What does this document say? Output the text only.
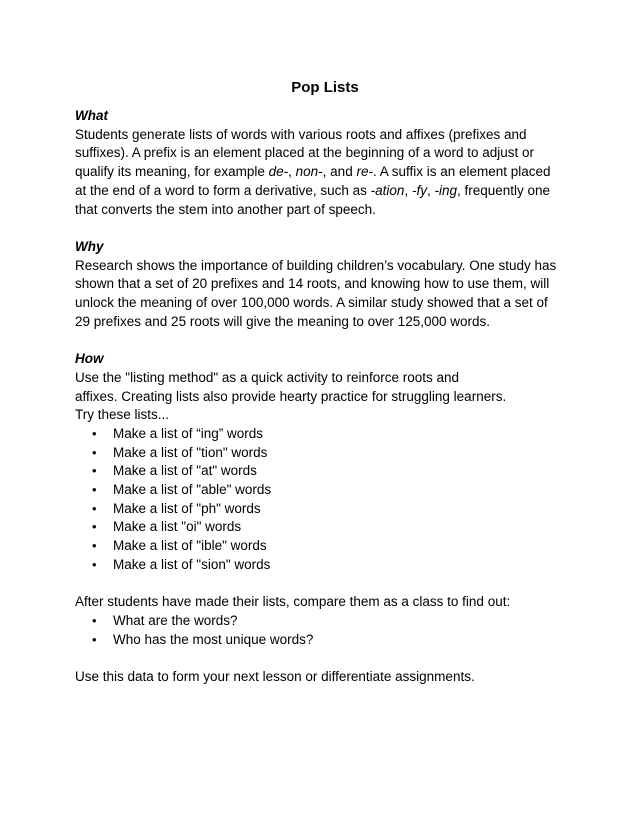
Pop Lists
What

Students generate lists of words with various roots and affixes (prefixes and suffixes). A prefix is an element placed at the beginning of a word to adjust or qualify its meaning, for example de-, non-, and re-. A suffix is an element placed at the end of a word to form a derivative, such as -ation, -fy, -ing, frequently one that converts the stem into another part of speech.

Why

Research shows the importance of building children’s vocabulary. One study has shown that a set of 20 prefixes and 14 roots, and knowing how to use them, will unlock the meaning of over 100,000 words. A similar study showed that a set of 29 prefixes and 25 roots will give the meaning to over 125,000 words.

How
Use the "listing method" as a quick activity to reinforce roots and
affixes. Creating lists also provide hearty practice for struggling learners.
Try these lists...
• Make a list of “ing” words
• Make a list of "tion" words
• Make a list of "at" words
• Make a list of "able" words
• Make a list of "ph" words
• Make a list "oi" words
• Make a list of "ible" words
• Make a list of "sion" words
After students have made their lists, compare them as a class to find out:
• What are the words?
• Who has the most unique words?
Use this data to form your next lesson or differentiate assignments.
